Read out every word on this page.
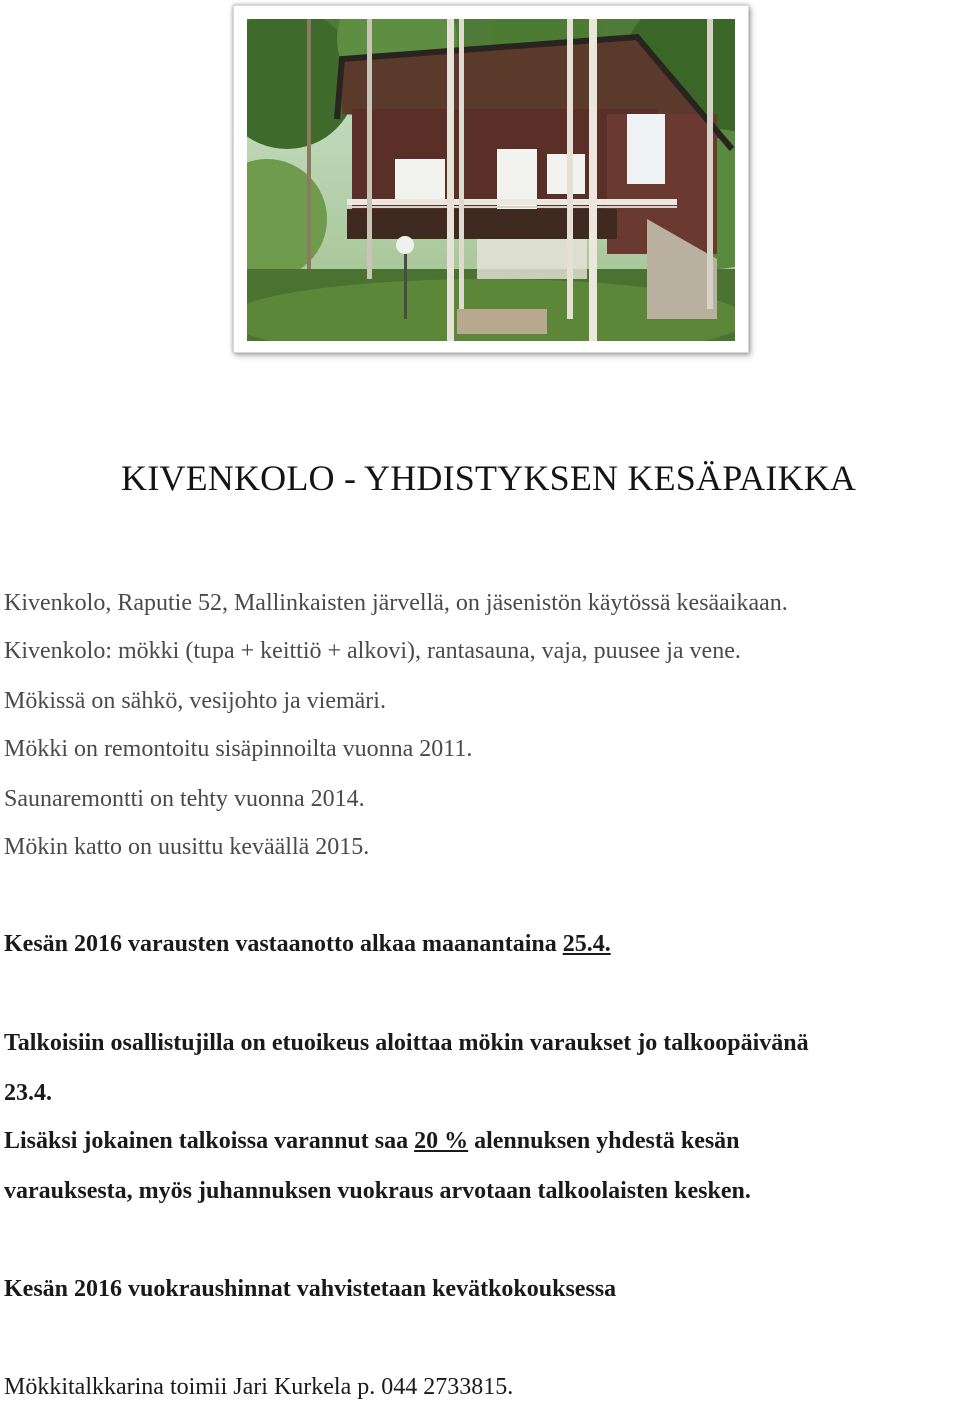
KIVENKOLO - YHDISTYKSEN KESÄPAIKKA

Kivenkolo, Raputie 52, Mallinkaisten järvellä, on jäsenistön käytössä kesäaikaan.

Kivenkolo: mökki (tupa + keittiö + alkovi), rantasauna, vaja, puusee ja vene.

Mökissä on sähkö, vesijohto ja viemäri.

Mökki on remontoitu sisäpinnoilta vuonna 2011.

Saunaremontti on tehty vuonna 2014.

Mökin katto on uusittu keväällä 2015.

Kesän 2016 varausten vastaanotto alkaa maanantaina 25.4.

Talkoisiin osallistujilla on etuoikeus aloittaa mökin varaukset jo talkoopäivänä

23.4.

Lisäksi jokainen talkoissa varannut saa 20 % alennuksen yhdestä kesän

varauksesta, myös juhannuksen vuokraus arvotaan talkoolaisten kesken.

Kesän 2016 vuokraushinnat vahvistetaan kevätkokouksessa

Mökkitalkkarina toimii Jari Kurkela p. 044 2733815.
